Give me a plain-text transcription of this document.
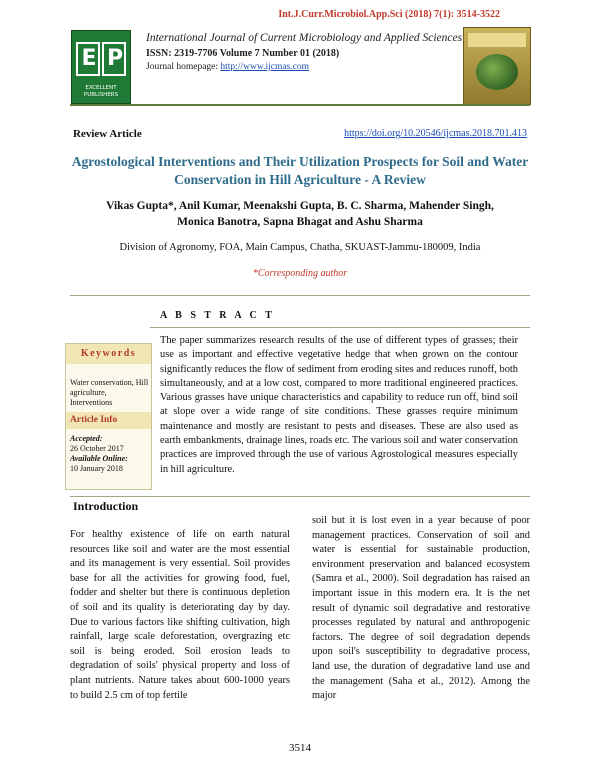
Int.J.Curr.Microbiol.App.Sci (2018) 7(1): 3514-3522
E P
EXCELLENT PUBLISHERS
International Journal of Current Microbiology and Applied Sciences
ISSN: 2319-7706 Volume 7 Number 01 (2018)
Journal homepage: http://www.ijcmas.com
Review Article	https://doi.org/10.20546/ijcmas.2018.701.413
Agrostological Interventions and Their Utilization Prospects for Soil and Water Conservation in Hill Agriculture - A Review
Vikas Gupta*, Anil Kumar, Meenakshi Gupta, B. C. Sharma, Mahender Singh,
Monica Banotra, Sapna Bhagat and Ashu Sharma
Division of Agronomy, FOA, Main Campus, Chatha, SKUAST-Jammu-180009, India
*Corresponding author
A B S T R A C T
Keywords
Water conservation, Hill agriculture, Interventions
Article Info
Accepted:
26 October 2017
Available Online:
10 January 2018
The paper summarizes research results of the use of different types of grasses; their use as important and effective vegetative hedge that when grown on the contour significantly reduces the flow of sediment from eroding sites and reduces runoff, both simultaneously, and at a low cost, compared to more traditional engineered practices. Various grasses have unique characteristics and capability to reduce run off, bind soil at slope over a wide range of site conditions. These grasses require minimum maintenance and mostly are resistant to pests and diseases. These are also used as earth embankments, drainage lines, roads etc. The various soil and water conservation practices are improved through the use of various Agrostological measures especially in hill agriculture.
Introduction
For healthy existence of life on earth natural resources like soil and water are the most essential and its management is very essential. Soil provides base for all the activities for growing food, fuel, fodder and shelter but there is continuous depletion of soil and its quality is deteriorating day by day. Due to various factors like shifting cultivation, high rainfall, large scale deforestation, overgrazing etc soil is being eroded. Soil erosion leads to degradation of soils' physical property and loss of plant nutrients. Nature takes about 600-1000 years to build 2.5 cm of top fertile
soil but it is lost even in a year because of poor management practices. Conservation of soil and water is essential for sustainable production, environment preservation and balanced ecosystem (Samra et al., 2000). Soil degradation has raised an important issue in this modern era. It is the net result of dynamic soil degradative and restorative processes regulated by natural and anthropogenic factors. The degree of soil degradation depends upon soil's susceptibility to degradative process, land use, the duration of degradative land use and the management (Saha et al., 2012). Among the major
3514
